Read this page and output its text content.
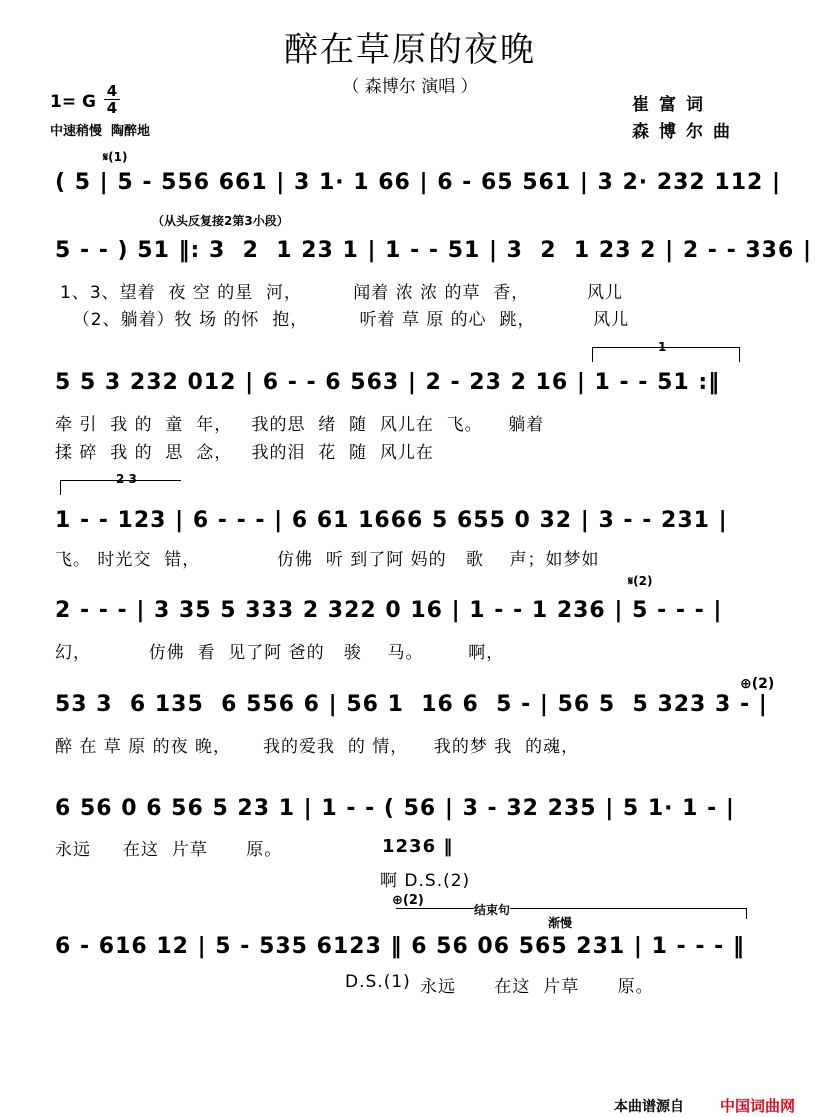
醉在草原的夜晚
（ 森博尔 演唱 ）
1= G
4
4
中速稍慢  陶醉地
崔富词
森博尔曲
𝄋(1)
( 5 | 5 - 556 661 | 3 1· 1 66 | 6 - 65 561 | 3 2· 232 112 |
（从头反复接2第3小段）
5 - - ) 51 ‖: 3  2  1 23 1 | 1 - - 51 | 3  2  1 23 2 | 2 - - 336 |
1、3、望着  夜 空 的星  河，        闻着 浓 浓 的草  香，         风儿
（2、躺着）牧 场 的怀  抱，        听着 草 原 的心  跳，         风儿
1
5 5 3 232 012 | 6 - - 6 563 | 2 - 23 2 16 | 1 - - 51 :‖
牵 引  我 的  童  年，   我的思  绪  随  风儿在  飞。    躺着
揉 碎  我 的  思  念，   我的泪  花  随  风儿在
2 3
1 - - 123 | 6 - - - | 6 61 1666 5 655 0 32 | 3 - - 231 |
飞。 时光交  错，            仿佛  听 到了阿 妈的   歌    声；如梦如
𝄋(2)
2 - - - | 3 35 5 333 2 322 0 16 | 1 - - 1 236 | 5 - - - |
幻，         仿佛  看  见了阿 爸的   骏    马。       啊，
⊕(2)
53 3  6 135  6 556 6 | 56 1  16 6  5 - | 56 5  5 323 3 - |
醉 在 草 原 的夜 晚，     我的爱我  的 情，    我的梦 我  的魂，
6 56 0 6 56 5 23 1 | 1 - - ( 56 | 3 - 32 235 | 5 1· 1 - |
永远     在这  片草      原。	1236 ‖
啊 D.S.(2)
⊕(2)
结束句
渐慢
6 - 616 12 | 5 - 535 6123 ‖ 6 56 06 565 231 | 1 - - - ‖
D.S.(1) 永远      在这  片草      原。
本曲谱源自 中国词曲网
